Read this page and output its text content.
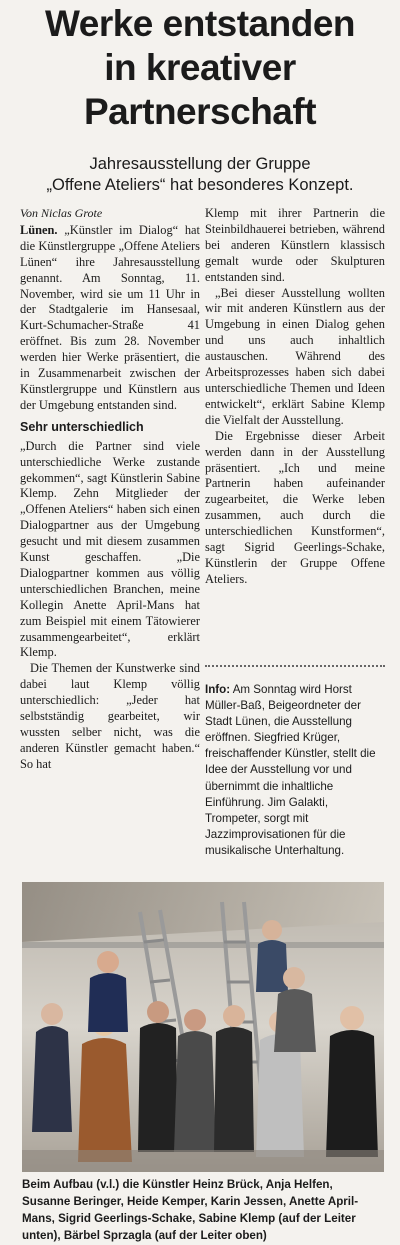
Werke entstanden
in kreativer
Partnerschaft
Jahresausstellung der Gruppe
„Offene Ateliers“ hat besonderes Konzept.
Von Niclas Grote

Lünen. „Künstler im Dialog“ hat die Künstlergruppe „Offene Ateliers Lünen“ ihre Jahresausstellung genannt. Am Sonntag, 11. November, wird sie um 11 Uhr in der Stadtgalerie im Hansesaal, Kurt-Schumacher-Straße 41 eröffnet. Bis zum 28. November werden hier Werke präsentiert, die in Zusammenarbeit zwischen der Künstlergruppe und Künstlern aus der Umgebung entstanden sind.

Sehr unterschiedlich

„Durch die Partner sind viele unterschiedliche Werke zustande gekommen“, sagt Künstlerin Sabine Klemp. Zehn Mitglieder der „Offenen Ateliers“ haben sich einen Dialogpartner aus der Umgebung gesucht und mit diesem zusammen Kunst geschaffen. „Die Dialogpartner kommen aus völlig unterschiedlichen Branchen, meine Kollegin Anette April-Mans hat zum Beispiel mit einem Tätowierer zusammengearbeitet“, erklärt Klemp.

Die Themen der Kunstwerke sind dabei laut Klemp völlig unterschiedlich: „Jeder hat selbstständig gearbeitet, wir wussten selber nicht, was die anderen Künstler gemacht haben.“ So hat

Klemp mit ihrer Partnerin die Steinbildhauerei betrieben, während bei anderen Künstlern klassisch gemalt wurde oder Skulpturen entstanden sind.

„Bei dieser Ausstellung wollten wir mit anderen Künstlern aus der Umgebung in einen Dialog gehen und uns auch inhaltlich austauschen. Während des Arbeitsprozesses haben sich dabei unterschiedliche Themen und Ideen entwickelt“, erklärt Sabine Klemp die Vielfalt der Ausstellung.

Die Ergebnisse dieser Arbeit werden dann in der Ausstellung präsentiert. „Ich und meine Partnerin haben aufeinander zugearbeitet, die Werke leben zusammen, auch durch die unterschiedlichen Kunstformen“, sagt Sigrid Geerlings-Schake, Künstlerin der Gruppe Offene Ateliers.

Info: Am Sonntag wird Horst Müller-Baß, Beigeordneter der Stadt Lünen, die Ausstellung eröffnen. Siegfried Krüger, freischaffender Künstler, stellt die Idee der Ausstellung vor und übernimmt die inhaltliche Einführung. Jim Galakti, Trompeter, sorgt mit Jazzimprovisationen für die musikalische Unterhaltung.

Beim Aufbau (v.l.) die Künstler Heinz Brück, Anja Helfen, Susanne Beringer, Heide Kemper, Karin Jessen, Anette April-Mans, Sigrid Geerlings-Schake, Sabine Klemp (auf der Leiter unten), Bärbel Sprzagla (auf der Leiter oben)
